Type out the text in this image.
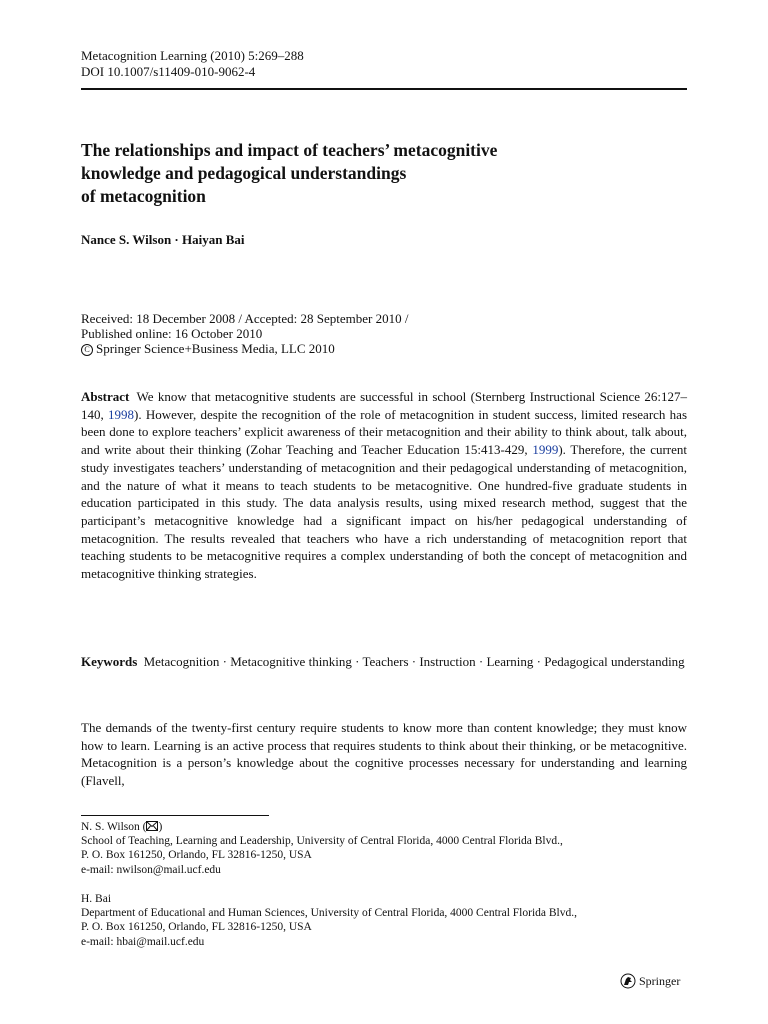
Metacognition Learning (2010) 5:269–288
DOI 10.1007/s11409-010-9062-4
The relationships and impact of teachers’ metacognitive
knowledge and pedagogical understandings
of metacognition
Nance S. Wilson · Haiyan Bai
Received: 18 December 2008 / Accepted: 28 September 2010 /
Published online: 16 October 2010
C Springer Science+Business Media, LLC 2010

Abstract We know that metacognitive students are successful in school (Sternberg Instructional Science 26:127–140, 1998). However, despite the recognition of the role of metacognition in student success, limited research has been done to explore teachers’ explicit awareness of their metacognition and their ability to think about, talk about, and write about their thinking (Zohar Teaching and Teacher Education 15:413-429, 1999). Therefore, the current study investigates teachers’ understanding of metacognition and their pedagogical understanding of metacognition, and the nature of what it means to teach students to be metacognitive. One hundred-five graduate students in education participated in this study. The data analysis results, using mixed research method, suggest that the participant’s metacognitive knowledge had a significant impact on his/her pedagogical understanding of metacognition. The results revealed that teachers who have a rich understanding of metacognition report that teaching students to be metacognitive requires a complex understanding of both the concept of metacognition and metacognitive thinking strategies.

Keywords Metacognition · Metacognitive thinking · Teachers · Instruction · Learning · Pedagogical understanding

The demands of the twenty-first century require students to know more than content knowledge; they must know how to learn. Learning is an active process that requires students to think about their thinking, or be metacognitive. Metacognition is a person’s knowledge about the cognitive processes necessary for understanding and learning (Flavell,

N. S. Wilson ( )
School of Teaching, Learning and Leadership, University of Central Florida, 4000 Central Florida Blvd.,
P. O. Box 161250, Orlando, FL 32816-1250, USA
e-mail: nwilson@mail.ucf.edu
H. Bai
Department of Educational and Human Sciences, University of Central Florida, 4000 Central Florida Blvd.,
P. O. Box 161250, Orlando, FL 32816-1250, USA
e-mail: hbai@mail.ucf.edu
Springer
